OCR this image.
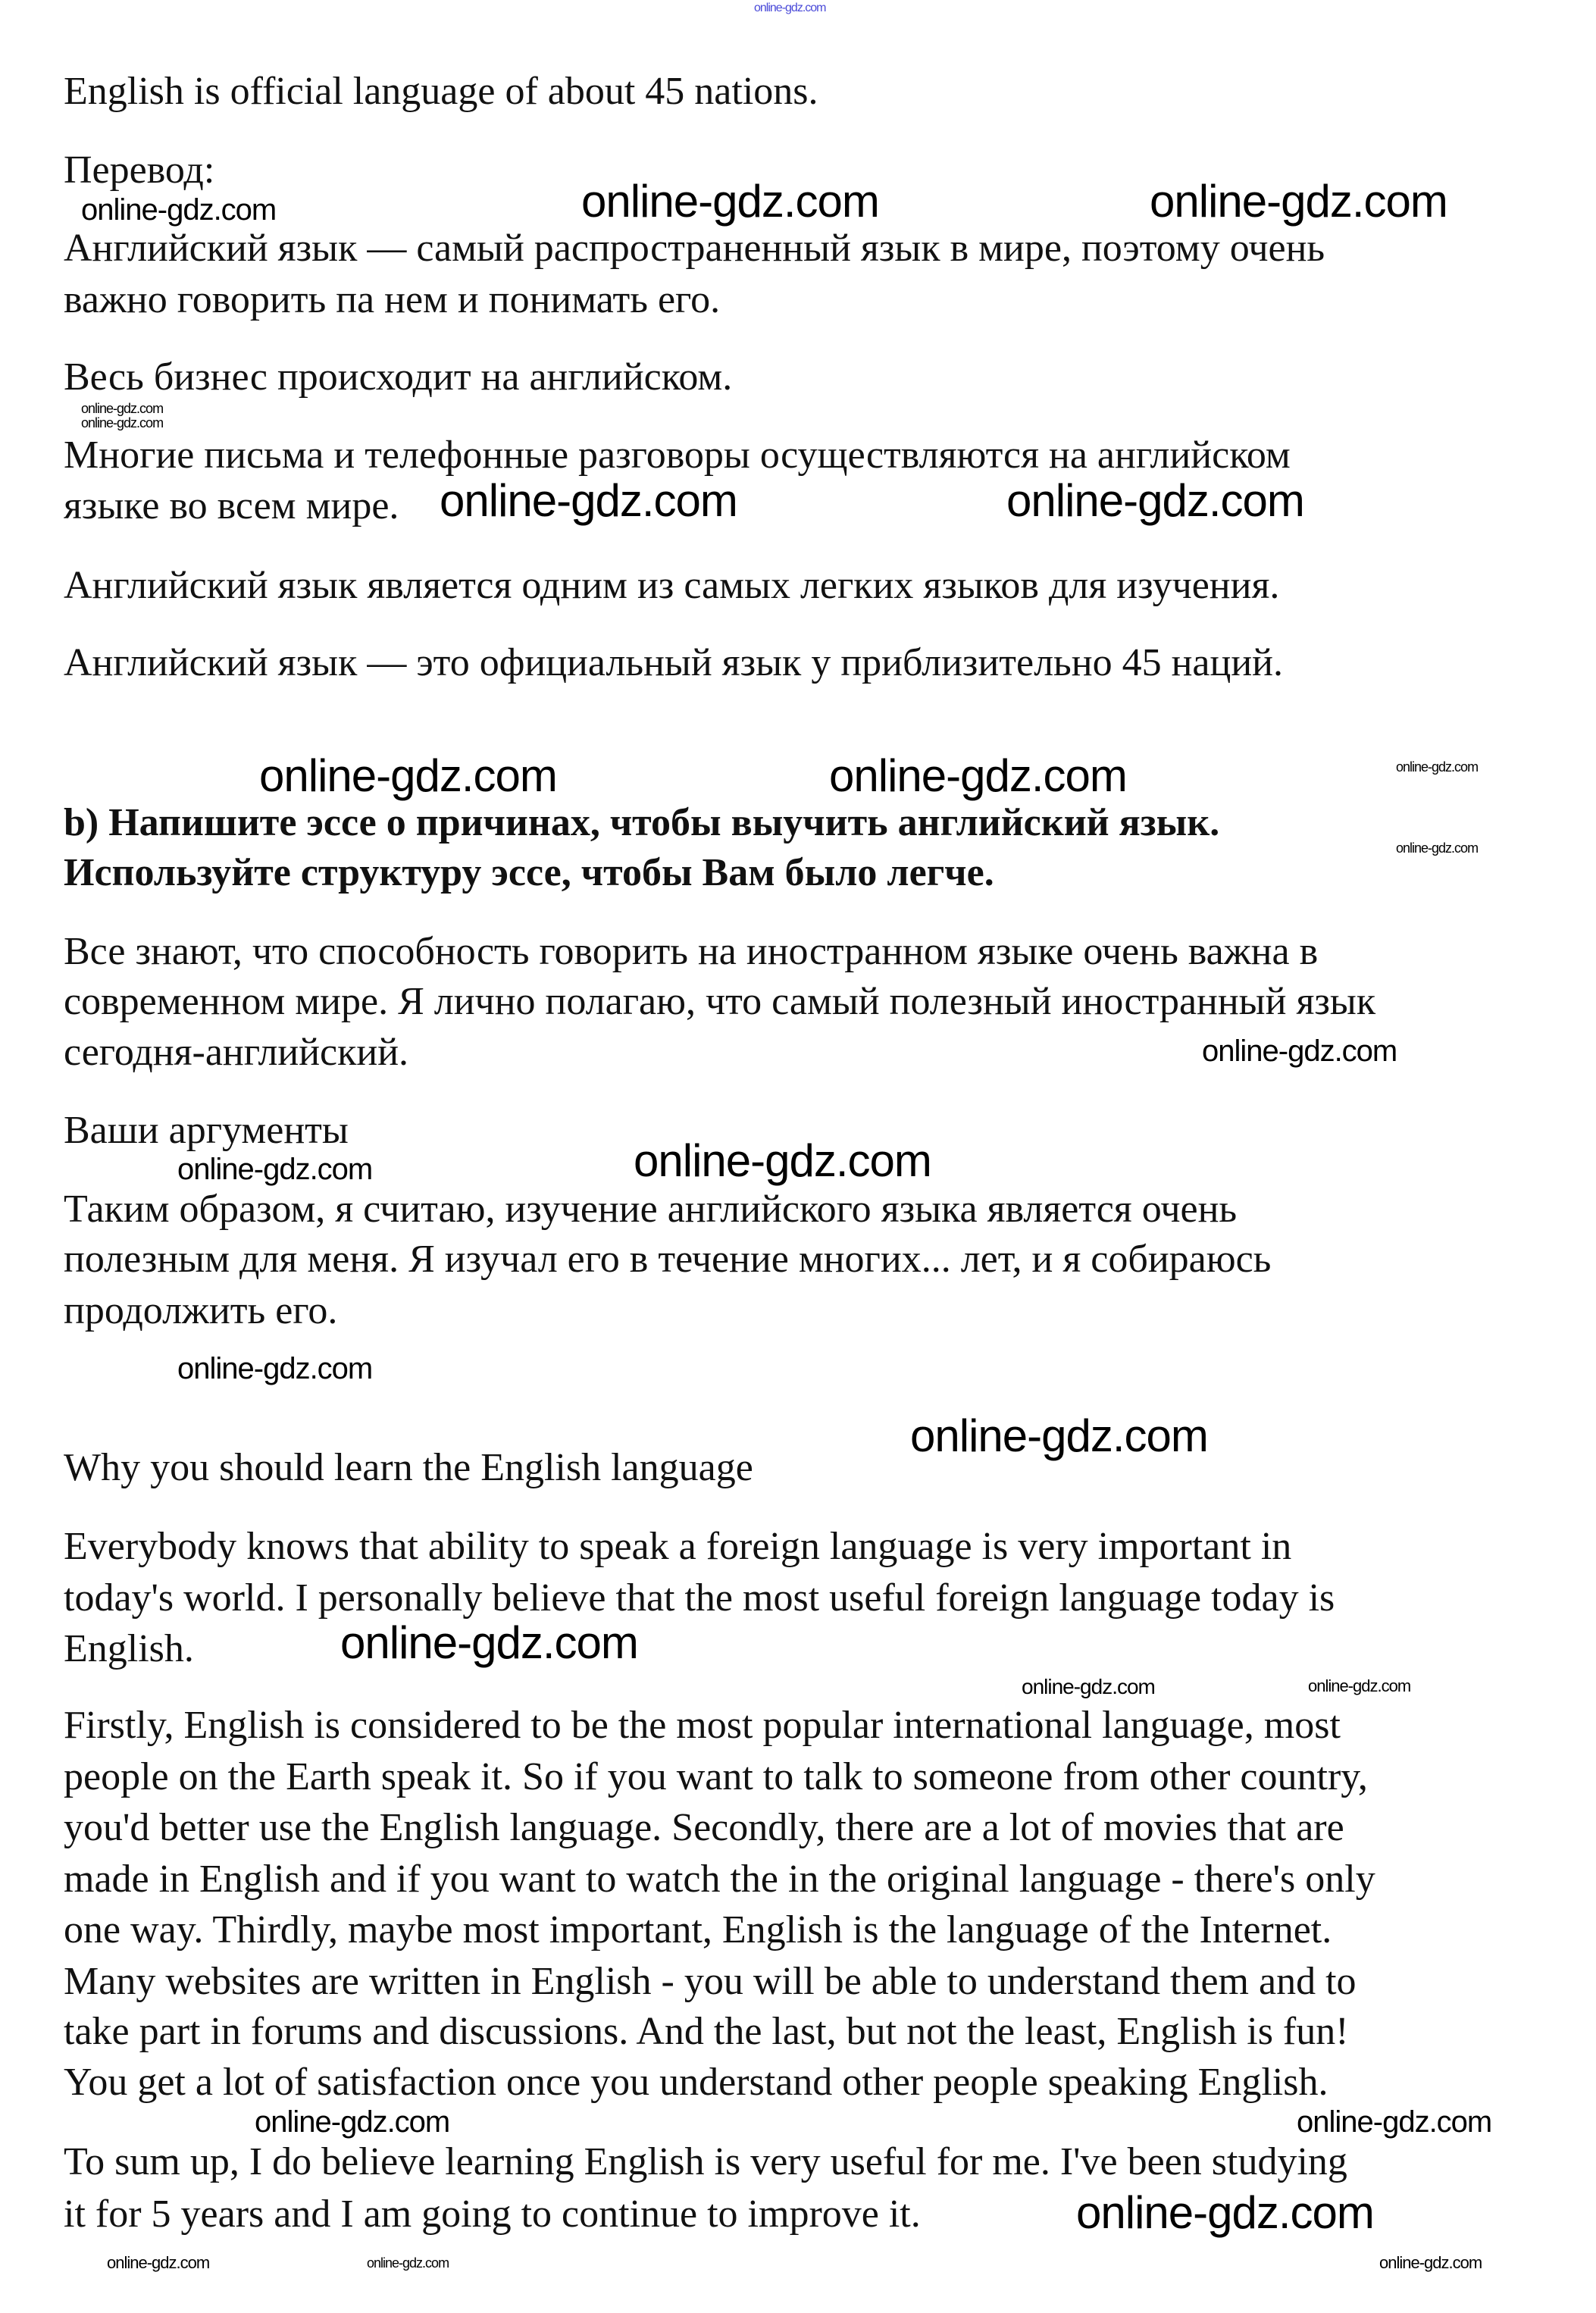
English is official language of about 45 nations.
Перевод:
Английский язык — самый распространенный язык в мире, поэтому очень
важно говорить па нем и понимать его.
Весь бизнес происходит на английском.
Многие письма и телефонные разговоры осуществляются на английском
языке во всем мире.
Английский язык является одним из самых легких языков для изучения.
Английский язык — это официальный язык у приблизительно 45 наций.
b) Напишите эссе о причинах, чтобы выучить английский язык.
Используйте структуру эссе, чтобы Вам было легче.
Все знают, что способность говорить на иностранном языке очень важна в
современном мире. Я лично полагаю, что самый полезный иностранный язык
сегодня-английский.
Ваши аргументы
Таким образом, я считаю, изучение английского языка является очень
полезным для меня. Я изучал его в течение многих... лет, и я собираюсь
продолжить его.
Why you should learn the English language
Everybody knows that ability to speak a foreign language is very important in
today's world. I personally believe that the most useful foreign language today is
English.
Firstly, English is considered to be the most popular international language, most
people on the Earth speak it. So if you want to talk to someone from other country,
you'd better use the English language. Secondly, there are a lot of movies that are
made in English and if you want to watch the in the original language - there's only
one way. Thirdly, maybe most important, English is the language of the Internet.
Many websites are written in English - you will be able to understand them and to
take part in forums and discussions. And the last, but not the least, English is fun!
You get a lot of satisfaction once you understand other people speaking English.
To sum up, I do believe learning English is very useful for me. I've been studying
it for 5 years and I am going to continue to improve it.
online-gdz.com
online-gdz.com	online-gdz.com
online-gdz.com	online-gdz.com
online-gdz.com	online-gdz.com
online-gdz.com
online-gdz.com
online-gdz.com
online-gdz.com
online-gdz.com
online-gdz.com
online-gdz.com
online-gdz.com
online-gdz.com	online-gdz.com
online-gdz.com	online-gdz.com
online-gdz.com	online-gdz.com
online-gdz.com
online-gdz.com
online-gdz.com
online-gdz.com
online-gdz.com
